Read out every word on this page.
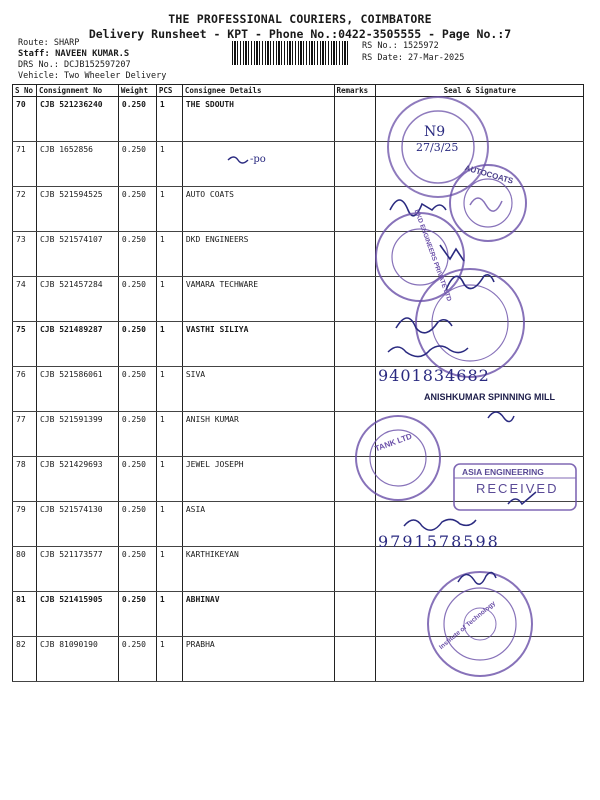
THE PROFESSIONAL COURIERS, COIMBATORE
Delivery Runsheet - KPT - Phone No.:0422-3505555 - Page No.:7
Route: SHARP
Staff: NAVEEN KUMAR.S
DRS No.: DCJB152597207
Vehicle: Two Wheeler Delivery
RS No.: 1525972
RS Date: 27-Mar-2025
S No	Consignment No	Weight	PCS	Consignee Details	Remarks	Seal & Signature
70	CJB 521236240	0.250	1	THE SDOUTH		
71	CJB 1652856	0.250	1			
72	CJB 521594525	0.250	1	AUTO COATS		
73	CJB 521574107	0.250	1	DKD ENGINEERS		
74	CJB 521457284	0.250	1	VAMARA TECHWARE		
75	CJB 521489287	0.250	1	VASTHI SILIYA		
76	CJB 521586061	0.250	1	SIVA		
77	CJB 521591399	0.250	1	ANISH KUMAR		
78	CJB 521429693	0.250	1	JEWEL JOSEPH		
79	CJB 521574130	0.250	1	ASIA		
80	CJB 521173577	0.250	1	KARTHIKEYAN		
81	CJB 521415905	0.250	1	ABHINAV		
82	CJB 81090190	0.250	1	PRABHA		
N9
27/3/25
-po
AUTOCOATS
DKD ENGINEERS PRIVATE LTD
9401834682
ANISHKUMAR SPINNING MILL
TANK LTD
ASIA ENGINEERING
RECEIVED
9791578598
Institute of Technology
